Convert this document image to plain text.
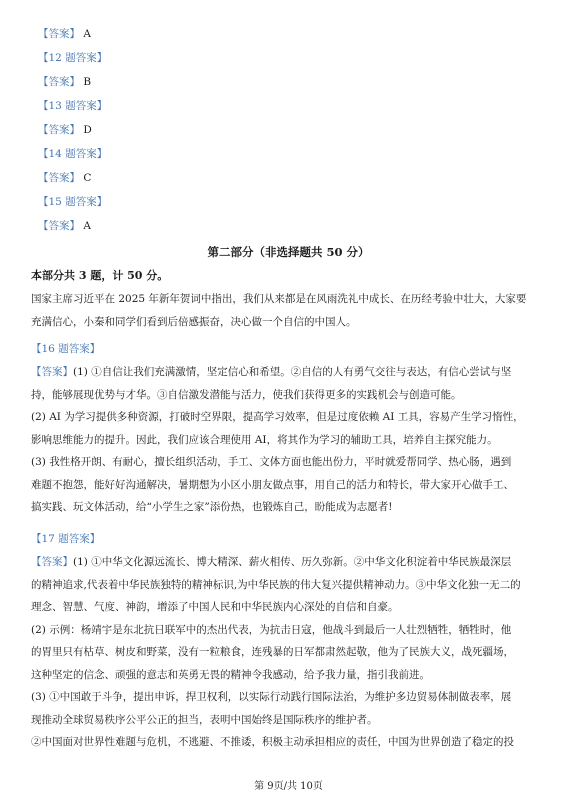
【答案】 A
【12 题答案】
【答案】 B
【13 题答案】
【答案】 D
【14 题答案】
【答案】 C
【15 题答案】
【答案】 A
第二部分（非选择题共 50 分）
本部分共 3 题，计 50 分。
国家主席习近平在 2025 年新年贺词中指出，我们从来都是在风雨洗礼中成长、在历经考验中壮大，大家要
充满信心，小秦和同学们看到后倍感振奋，决心做一个自信的中国人。
【16 题答案】
【答案】(1) ①自信让我们充满激情，坚定信心和希望。②自信的人有勇气交往与表达，有信心尝试与坚
持，能够展现优势与才华。③自信激发潜能与活力，使我们获得更多的实践机会与创造可能。
(2) AI 为学习提供多种资源，打破时空界限，提高学习效率，但是过度依赖 AI 工具，容易产生学习惰性，
影响思维能力的提升。因此，我们应该合理使用 AI，将其作为学习的辅助工具，培养自主探究能力。
(3) 我性格开朗、有耐心，擅长组织活动，手工、文体方面也能出份力，平时就爱帮同学、热心肠，遇到
难题不抱怨，能好好沟通解决，暑期想为小区小朋友做点事，用自己的活力和特长，带大家开心做手工、
搞实践、玩文体活动，给“小学生之家”添份热，也锻炼自己，盼能成为志愿者!
【17 题答案】
【答案】(1) ①中华文化源远流长、博大精深、薪火相传、历久弥新。②中华文化积淀着中华民族最深层
的精神追求,代表着中华民族独特的精神标识,为中华民族的伟大复兴提供精神动力。③中华文化独一无二的
理念、智慧、气度、神韵，增添了中国人民和中华民族内心深处的自信和自豪。
(2) 示例：杨靖宇是东北抗日联军中的杰出代表，为抗击日寇，他战斗到最后一人壮烈牺牲，牺牲时，他
的胃里只有枯草、树皮和野菜，没有一粒粮食，连残暴的日军都肃然起敬，他为了民族大义，战死疆场，
这种坚定的信念、顽强的意志和英勇无畏的精神令我感动，给予我力量，指引我前进。
(3) ①中国敢于斗争，提出申诉，捍卫权利，以实际行动践行国际法治，为维护多边贸易体制做表率，展
现推动全球贸易秩序公平公正的担当，表明中国始终是国际秩序的维护者。
②中国面对世界性难题与危机，不逃避、不推诿，积极主动承担相应的责任，中国为世界创造了稳定的投
第 9页/共 10页
